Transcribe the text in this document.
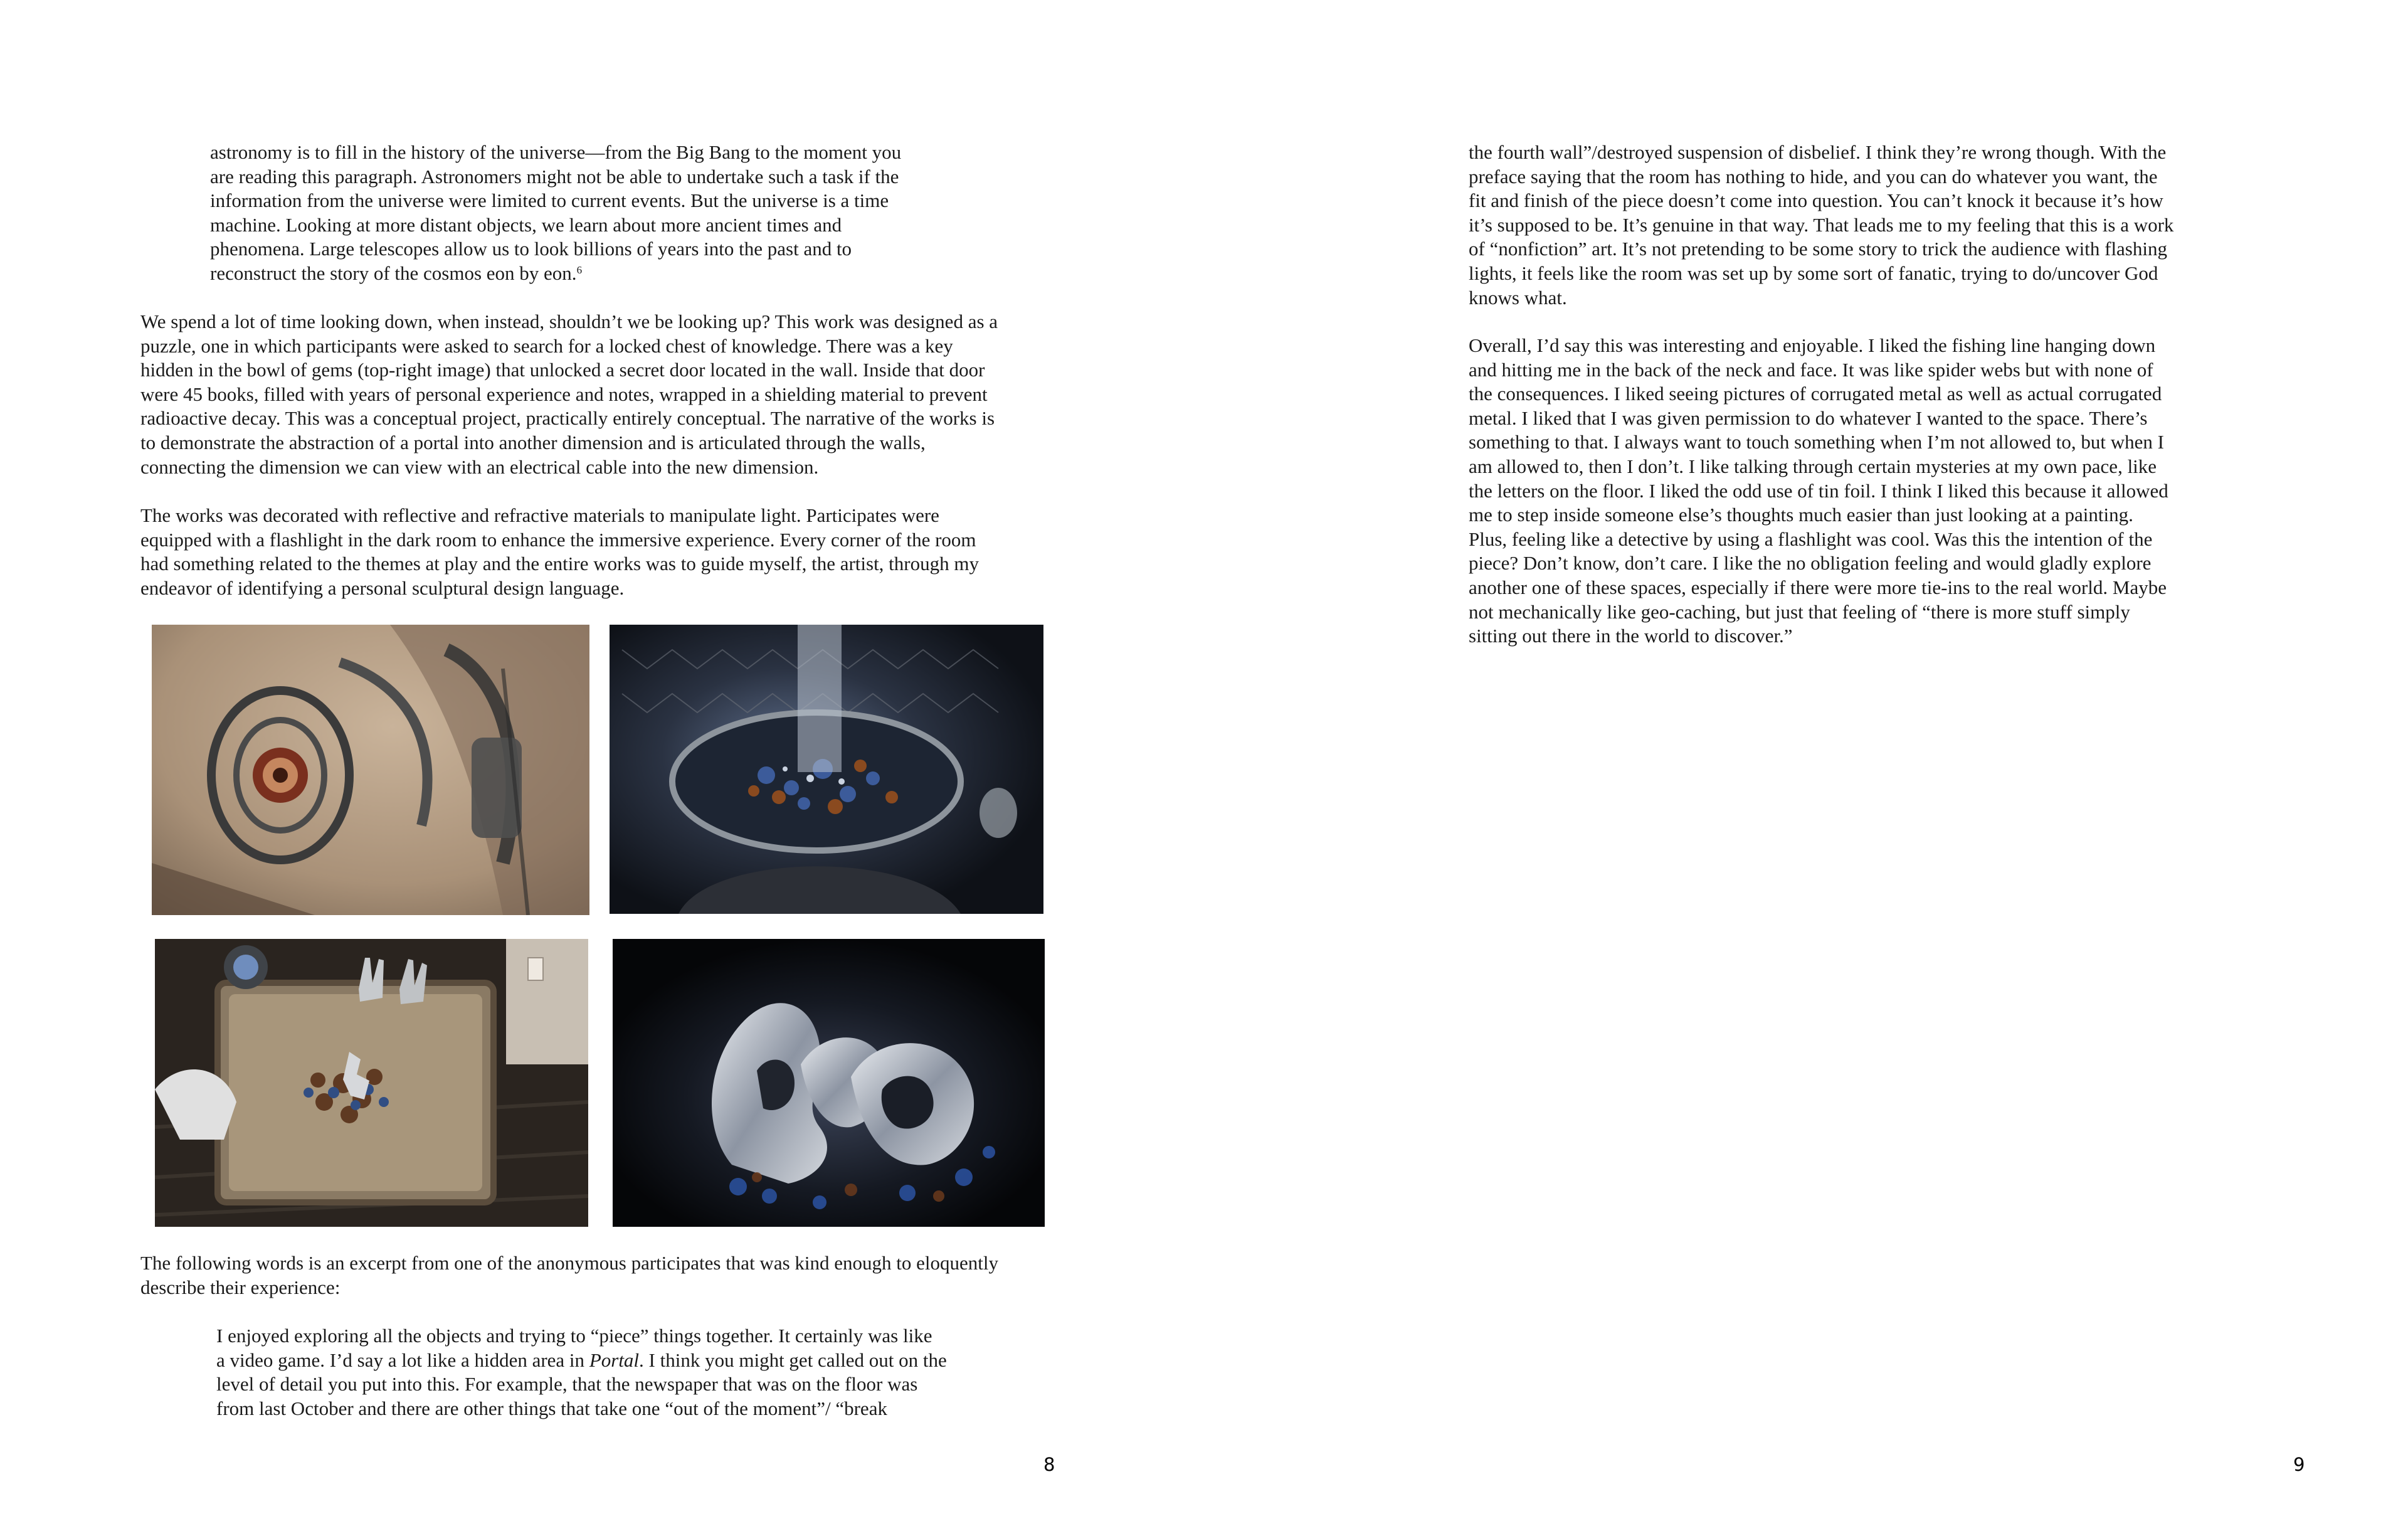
astronomy is to fill in the history of the universe—from the Big Bang to the moment you
are reading this paragraph. Astronomers might not be able to undertake such a task if the
information from the universe were limited to current events. But the universe is a time
machine. Looking at more distant objects, we learn about more ancient times and
phenomena. Large telescopes allow us to look billions of years into the past and to
reconstruct the story of the cosmos eon by eon.$^6$
We spend a lot of time looking down, when instead, shouldn’t we be looking up? This work was designed as a
puzzle, one in which participants were asked to search for a locked chest of knowledge. There was a key
hidden in the bowl of gems (top-right image) that unlocked a secret door located in the wall. Inside that door
were 45 books, filled with years of personal experience and notes, wrapped in a shielding material to prevent
radioactive decay. This was a conceptual project, practically entirely conceptual. The narrative of the works is
to demonstrate the abstraction of a portal into another dimension and is articulated through the walls,
connecting the dimension we can view with an electrical cable into the new dimension.
The works was decorated with reflective and refractive materials to manipulate light. Participates were
equipped with a flashlight in the dark room to enhance the immersive experience. Every corner of the room
had something related to the themes at play and the entire works was to guide myself, the artist, through my
endeavor of identifying a personal sculptural design language.
The following words is an excerpt from one of the anonymous participates that was kind enough to eloquently
describe their experience:
I enjoyed exploring all the objects and trying to “piece” things together. It certainly was like
a video game. I’d say a lot like a hidden area in Portal. I think you might get called out on the
level of detail you put into this. For example, that the newspaper that was on the floor was
from last October and there are other things that take one “out of the moment”/ “break
8
the fourth wall”/destroyed suspension of disbelief. I think they’re wrong though. With the
preface saying that the room has nothing to hide, and you can do whatever you want, the
fit and finish of the piece doesn’t come into question. You can’t knock it because it’s how
it’s supposed to be. It’s genuine in that way. That leads me to my feeling that this is a work
of “nonfiction” art. It’s not pretending to be some story to trick the audience with flashing
lights, it feels like the room was set up by some sort of fanatic, trying to do/uncover God
knows what.
Overall, I’d say this was interesting and enjoyable. I liked the fishing line hanging down
and hitting me in the back of the neck and face. It was like spider webs but with none of
the consequences. I liked seeing pictures of corrugated metal as well as actual corrugated
metal. I liked that I was given permission to do whatever I wanted to the space. There’s
something to that. I always want to touch something when I’m not allowed to, but when I
am allowed to, then I don’t. I like talking through certain mysteries at my own pace, like
the letters on the floor. I liked the odd use of tin foil. I think I liked this because it allowed
me to step inside someone else’s thoughts much easier than just looking at a painting.
Plus, feeling like a detective by using a flashlight was cool. Was this the intention of the
piece? Don’t know, don’t care. I like the no obligation feeling and would gladly explore
another one of these spaces, especially if there were more tie-ins to the real world. Maybe
not mechanically like geo-caching, but just that feeling of “there is more stuff simply
sitting out there in the world to discover.”
9
